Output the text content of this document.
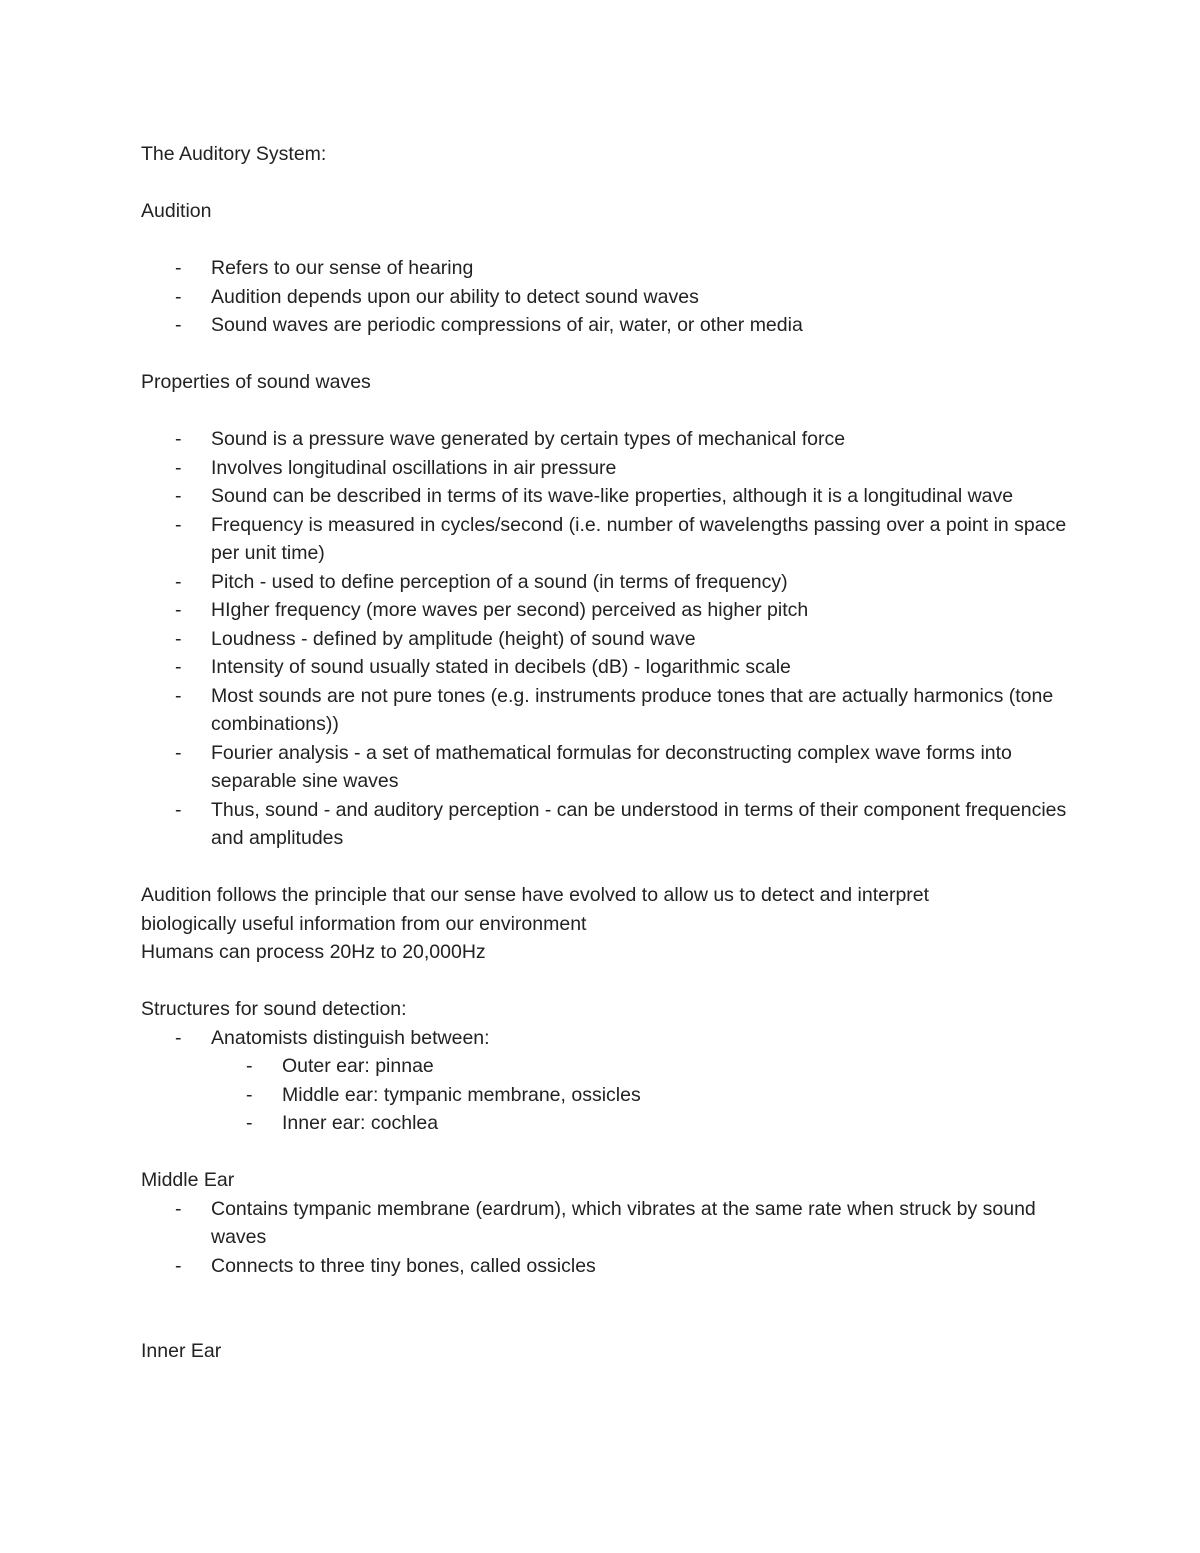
The Auditory System:

Audition

- Refers to our sense of hearing
- Audition depends upon our ability to detect sound waves
- Sound waves are periodic compressions of air, water, or other media

Properties of sound waves

- Sound is a pressure wave generated by certain types of mechanical force
- Involves longitudinal oscillations in air pressure
- Sound can be described in terms of its wave-like properties, although it is a longitudinal wave
- Frequency is measured in cycles/second (i.e. number of wavelengths passing over a point in space per unit time)
- Pitch - used to define perception of a sound (in terms of frequency)
- HIgher frequency (more waves per second) perceived as higher pitch
- Loudness - defined by amplitude (height) of sound wave
- Intensity of sound usually stated in decibels (dB) - logarithmic scale
- Most sounds are not pure tones (e.g. instruments produce tones that are actually harmonics (tone combinations))
- Fourier analysis - a set of mathematical formulas for deconstructing complex wave forms into separable sine waves
- Thus, sound - and auditory perception - can be understood in terms of their component frequencies and amplitudes

Audition follows the principle that our sense have evolved to allow us to detect and interpret

biologically useful information from our environment

Humans can process 20Hz to 20,000Hz

Structures for sound detection:

- Anatomists distinguish between:
- Outer ear: pinnae
- Middle ear: tympanic membrane, ossicles
- Inner ear: cochlea

Middle Ear

- Contains tympanic membrane (eardrum), which vibrates at the same rate when struck by sound waves
- Connects to three tiny bones, called ossicles

Inner Ear
